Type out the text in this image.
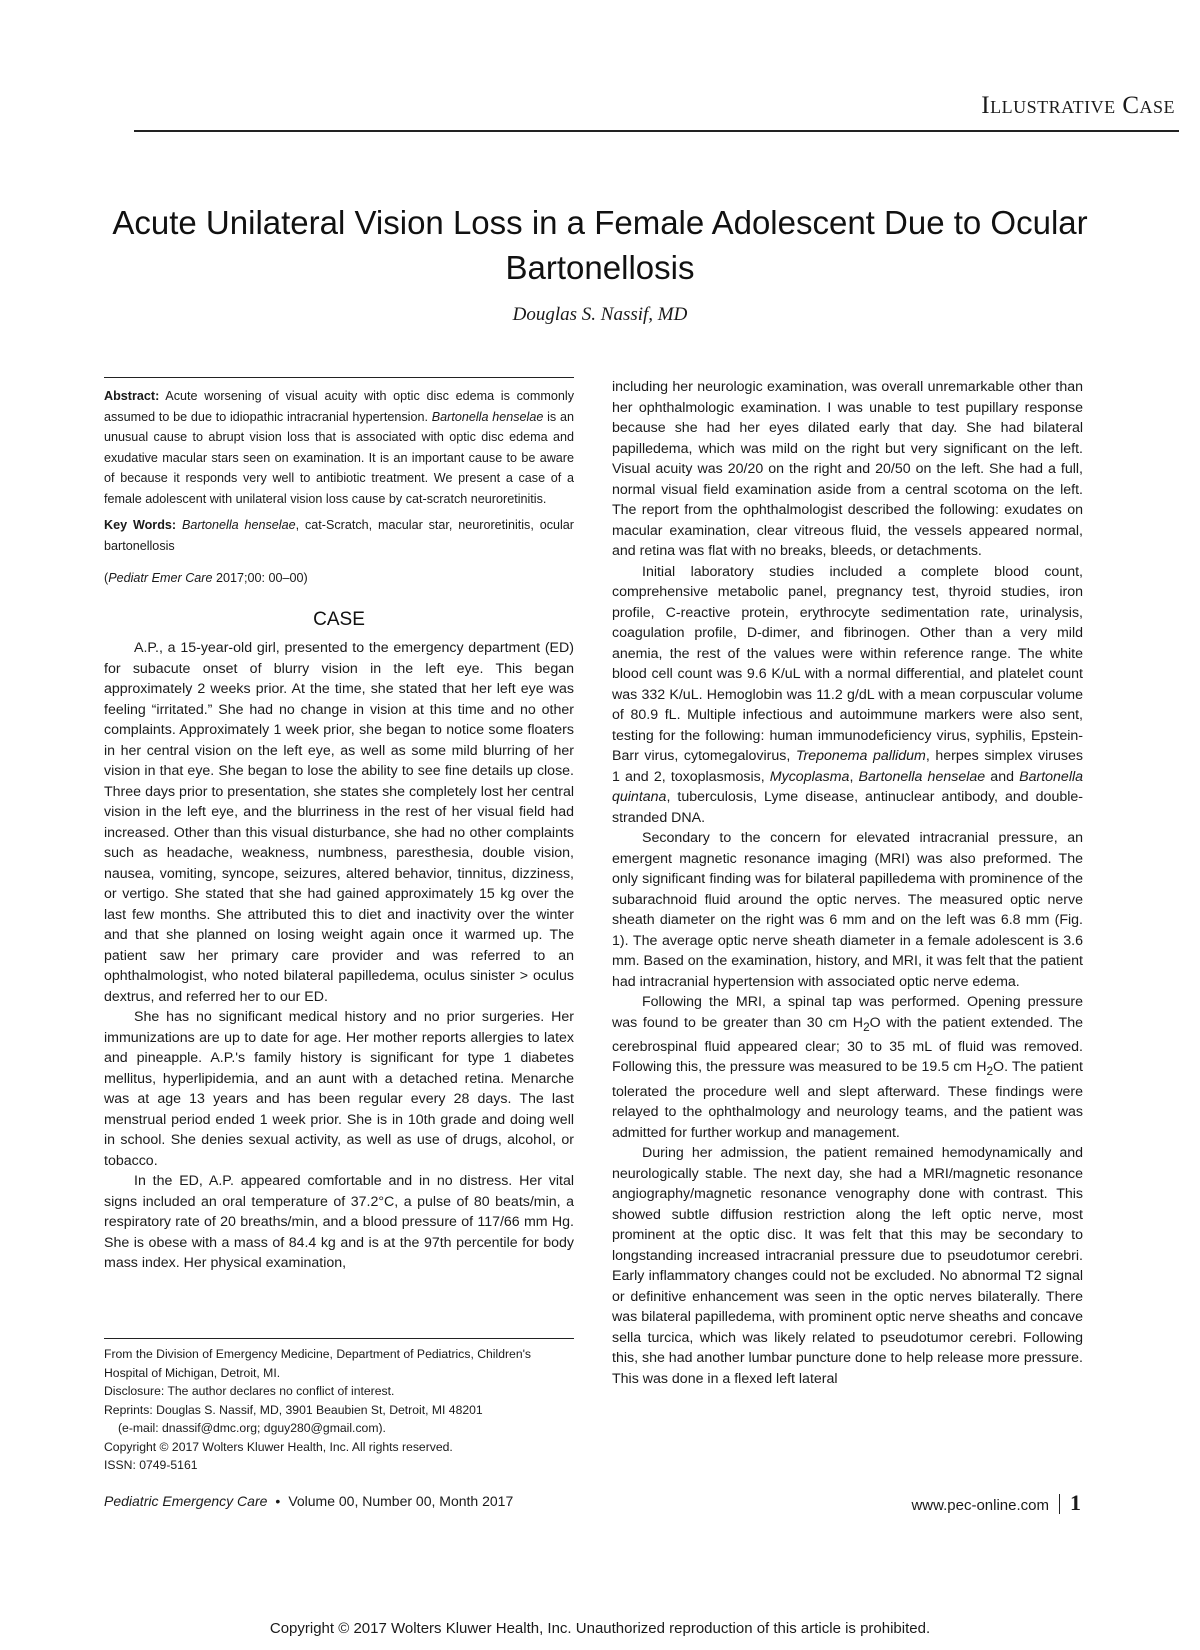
Illustrative Case
Acute Unilateral Vision Loss in a Female Adolescent Due to Ocular Bartonellosis
Douglas S. Nassif, MD

Abstract: Acute worsening of visual acuity with optic disc edema is commonly assumed to be due to idiopathic intracranial hypertension. Bartonella henselae is an unusual cause to abrupt vision loss that is associated with optic disc edema and exudative macular stars seen on examination. It is an important cause to be aware of because it responds very well to antibiotic treatment. We present a case of a female adolescent with unilateral vision loss cause by cat-scratch neuroretinitis.

Key Words: Bartonella henselae, cat-Scratch, macular star, neuroretinitis, ocular bartonellosis

(Pediatr Emer Care 2017;00: 00–00)
CASE

A.P., a 15-year-old girl, presented to the emergency department (ED) for subacute onset of blurry vision in the left eye. This began approximately 2 weeks prior. At the time, she stated that her left eye was feeling “irritated.” She had no change in vision at this time and no other complaints. Approximately 1 week prior, she began to notice some floaters in her central vision on the left eye, as well as some mild blurring of her vision in that eye. She began to lose the ability to see fine details up close. Three days prior to presentation, she states she completely lost her central vision in the left eye, and the blurriness in the rest of her visual field had increased. Other than this visual disturbance, she had no other complaints such as headache, weakness, numbness, paresthesia, double vision, nausea, vomiting, syncope, seizures, altered behavior, tinnitus, dizziness, or vertigo. She stated that she had gained approximately 15 kg over the last few months. She attributed this to diet and inactivity over the winter and that she planned on losing weight again once it warmed up. The patient saw her primary care provider and was referred to an ophthalmologist, who noted bilateral papilledema, oculus sinister > oculus dextrus, and referred her to our ED.

She has no significant medical history and no prior surgeries. Her immunizations are up to date for age. Her mother reports allergies to latex and pineapple. A.P.'s family history is significant for type 1 diabetes mellitus, hyperlipidemia, and an aunt with a detached retina. Menarche was at age 13 years and has been regular every 28 days. The last menstrual period ended 1 week prior. She is in 10th grade and doing well in school. She denies sexual activity, as well as use of drugs, alcohol, or tobacco.

In the ED, A.P. appeared comfortable and in no distress. Her vital signs included an oral temperature of 37.2°C, a pulse of 80 beats/min, a respiratory rate of 20 breaths/min, and a blood pressure of 117/66 mm Hg. She is obese with a mass of 84.4 kg and is at the 97th percentile for body mass index. Her physical examination,

including her neurologic examination, was overall unremarkable other than her ophthalmologic examination. I was unable to test pupillary response because she had her eyes dilated early that day. She had bilateral papilledema, which was mild on the right but very significant on the left. Visual acuity was 20/20 on the right and 20/50 on the left. She had a full, normal visual field examination aside from a central scotoma on the left. The report from the ophthalmologist described the following: exudates on macular examination, clear vitreous fluid, the vessels appeared normal, and retina was flat with no breaks, bleeds, or detachments.

Initial laboratory studies included a complete blood count, comprehensive metabolic panel, pregnancy test, thyroid studies, iron profile, C-reactive protein, erythrocyte sedimentation rate, urinalysis, coagulation profile, D-dimer, and fibrinogen. Other than a very mild anemia, the rest of the values were within reference range. The white blood cell count was 9.6 K/uL with a normal differential, and platelet count was 332 K/uL. Hemoglobin was 11.2 g/dL with a mean corpuscular volume of 80.9 fL. Multiple infectious and autoimmune markers were also sent, testing for the following: human immunodeficiency virus, syphilis, Epstein-Barr virus, cytomegalovirus, Treponema pallidum, herpes simplex viruses 1 and 2, toxoplasmosis, Mycoplasma, Bartonella henselae and Bartonella quintana, tuberculosis, Lyme disease, antinuclear antibody, and double-stranded DNA.

Secondary to the concern for elevated intracranial pressure, an emergent magnetic resonance imaging (MRI) was also preformed. The only significant finding was for bilateral papilledema with prominence of the subarachnoid fluid around the optic nerves. The measured optic nerve sheath diameter on the right was 6 mm and on the left was 6.8 mm (Fig. 1). The average optic nerve sheath diameter in a female adolescent is 3.6 mm. Based on the examination, history, and MRI, it was felt that the patient had intracranial hypertension with associated optic nerve edema.

Following the MRI, a spinal tap was performed. Opening pressure was found to be greater than 30 cm $H_2O$ with the patient extended. The cerebrospinal fluid appeared clear; 30 to 35 mL of fluid was removed. Following this, the pressure was measured to be 19.5 cm $H_2O$. The patient tolerated the procedure well and slept afterward. These findings were relayed to the ophthalmology and neurology teams, and the patient was admitted for further workup and management.

During her admission, the patient remained hemodynamically and neurologically stable. The next day, she had a MRI/magnetic resonance angiography/magnetic resonance venography done with contrast. This showed subtle diffusion restriction along the left optic nerve, most prominent at the optic disc. It was felt that this may be secondary to longstanding increased intracranial pressure due to pseudotumor cerebri. Early inflammatory changes could not be excluded. No abnormal T2 signal or definitive enhancement was seen in the optic nerves bilaterally. There was bilateral papilledema, with prominent optic nerve sheaths and concave sella turcica, which was likely related to pseudotumor cerebri. Following this, she had another lumbar puncture done to help release more pressure. This was done in a flexed left lateral

From the Division of Emergency Medicine, Department of Pediatrics, Children's Hospital of Michigan, Detroit, MI.
Disclosure: The author declares no conflict of interest.
Reprints: Douglas S. Nassif, MD, 3901 Beaubien St, Detroit, MI 48201
(e-mail: dnassif@dmc.org; dguy280@gmail.com).
Copyright © 2017 Wolters Kluwer Health, Inc. All rights reserved.
ISSN: 0749-5161
Pediatric Emergency Care • Volume 00, Number 00, Month 2017	www.pec-online.com 1
Copyright © 2017 Wolters Kluwer Health, Inc. Unauthorized reproduction of this article is prohibited.
